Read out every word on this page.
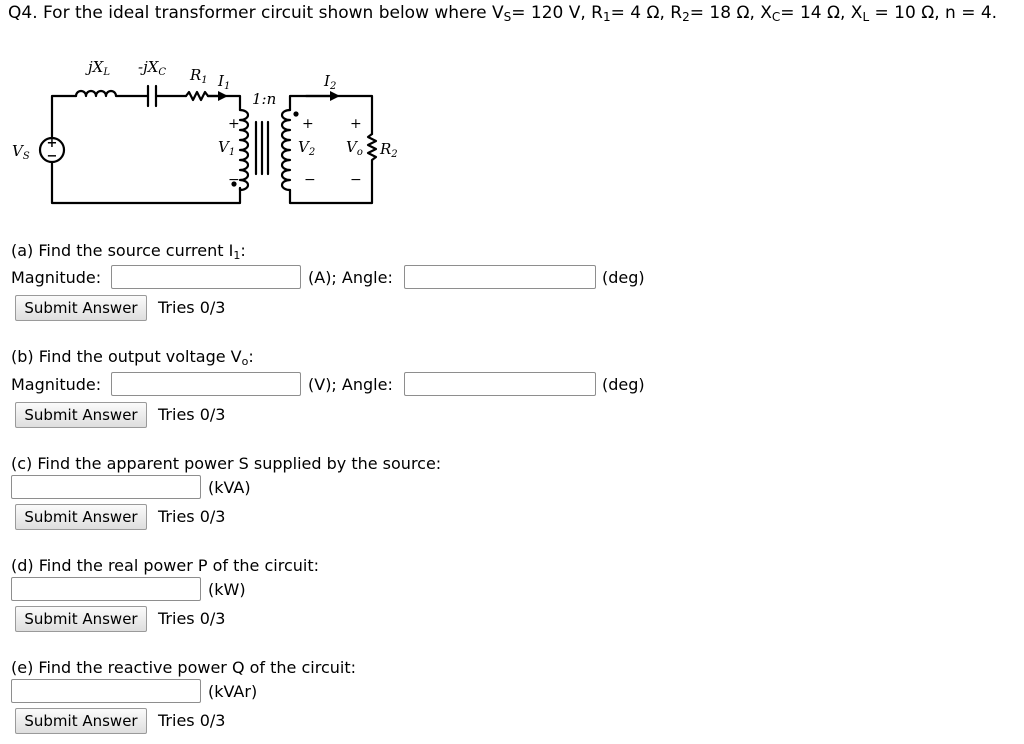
Q4. For the ideal transformer circuit shown below where $V_S= 120$ V, $R_1= 4$ Ω, $R_2= 18$ Ω, $X_C= 14$ Ω, $X_L = 10$ Ω, n = 4.
+
−
$jX_L$ $-jX_C$ $R_1$ $I_1$
1:n
$I_2$
$V_S$
+
$V_1$
−
+
$V_2$
−
+
$V_o$
−
$R_2$
(a) Find the source current $I_1$:
Magnitude:	(A); Angle:	(deg)
Submit Answer	Tries 0/3
(b) Find the output voltage $V_o$:
Magnitude:	(V); Angle:	(deg)
Submit Answer	Tries 0/3
(c) Find the apparent power S supplied by the source:
(kVA)
Submit Answer	Tries 0/3
(d) Find the real power P of the circuit:
(kW)
Submit Answer	Tries 0/3
(e) Find the reactive power Q of the circuit:
(kVAr)
Submit Answer	Tries 0/3
